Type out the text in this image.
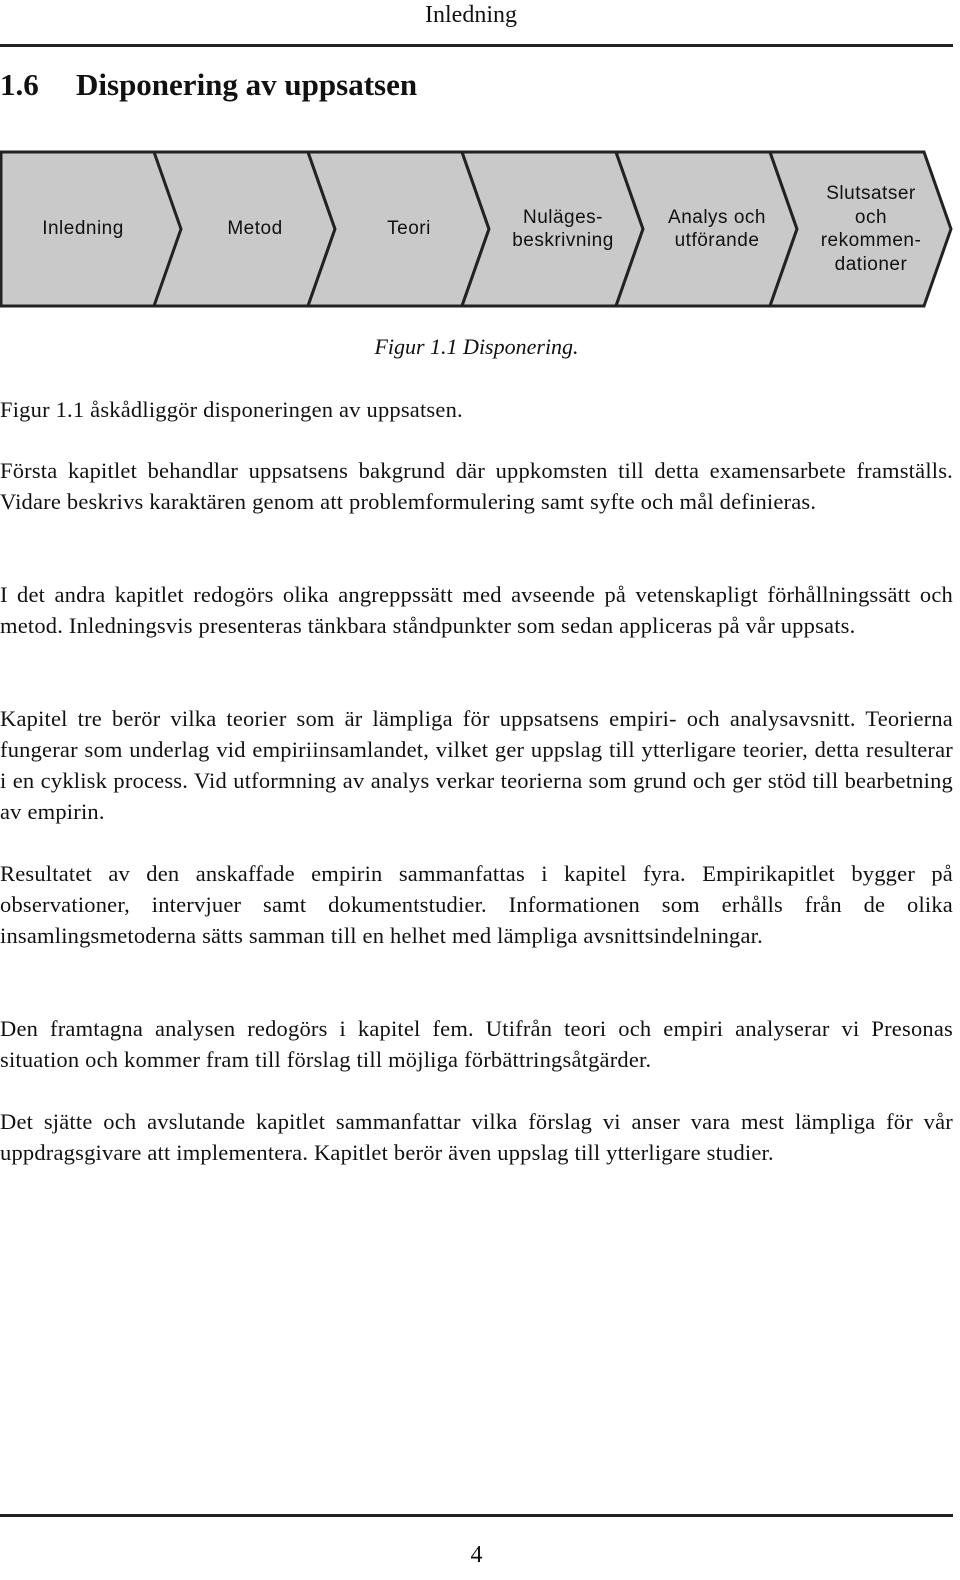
Inledning
1.6 Disponering av uppsatsen
Inledning	Metod	Teori
Nuläges-
beskrivning
Analys och
utförande
Slutsatser
och
rekommen-
dationer
Figur 1.1 Disponering.

Figur 1.1 åskådliggör disponeringen av uppsatsen.

Första kapitlet behandlar uppsatsens bakgrund där uppkomsten till detta examensarbete framställs. Vidare beskrivs karaktären genom att problemformulering samt syfte och mål definieras.

I det andra kapitlet redogörs olika angreppssätt med avseende på vetenskapligt förhållningssätt och metod. Inledningsvis presenteras tänkbara ståndpunkter som sedan appliceras på vår uppsats.

Kapitel tre berör vilka teorier som är lämpliga för uppsatsens empiri- och analysavsnitt. Teorierna fungerar som underlag vid empiriinsamlandet, vilket ger uppslag till ytterligare teorier, detta resulterar i en cyklisk process. Vid utformning av analys verkar teorierna som grund och ger stöd till bearbetning av empirin.

Resultatet av den anskaffade empirin sammanfattas i kapitel fyra. Empirikapitlet bygger på observationer, intervjuer samt dokumentstudier. Informationen som erhålls från de olika insamlingsmetoderna sätts samman till en helhet med lämpliga avsnittsindelningar.

Den framtagna analysen redogörs i kapitel fem. Utifrån teori och empiri analyserar vi Presonas situation och kommer fram till förslag till möjliga förbättringsåtgärder.

Det sjätte och avslutande kapitlet sammanfattar vilka förslag vi anser vara mest lämpliga för vår uppdragsgivare att implementera. Kapitlet berör även uppslag till ytterligare studier.

4
